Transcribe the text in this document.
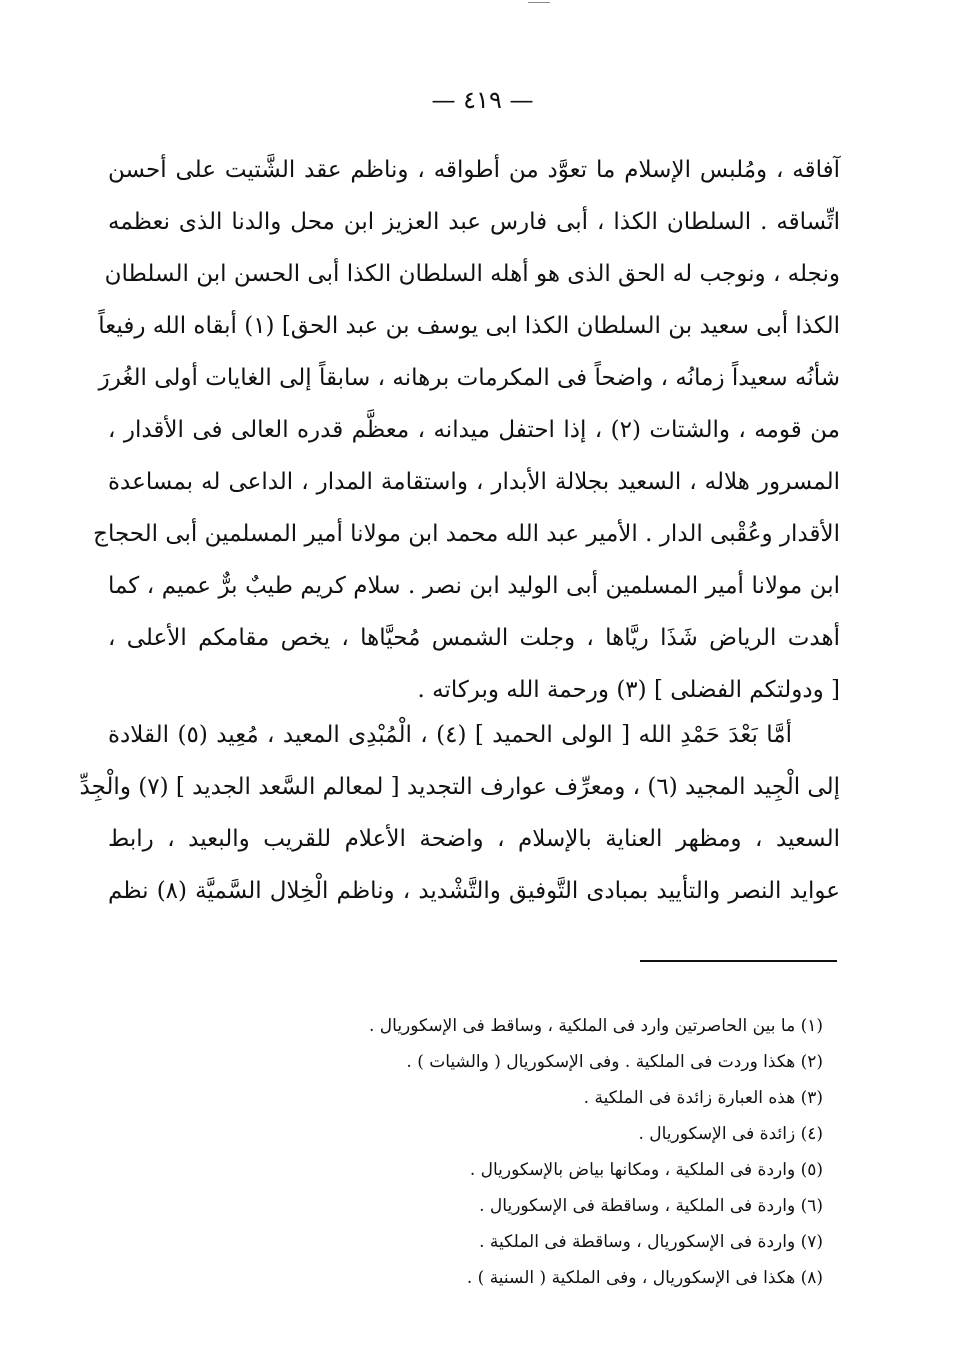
— ٤١٩ —
آفاقه ، ومُلبس الإسلام ما تعوَّد من أطواقه ، وناظم عقد الشَّتيت على أحسن
اتِّساقه . السلطان الكذا ، أبى فارس عبد العزيز ابن محل والدنا الذى نعظمه
ونجله ، ونوجب له الحق الذى هو أهله السلطان الكذا أبى الحسن ابن السلطان
الكذا أبى سعيد بن السلطان الكذا ابى يوسف بن عبد الحق] (١) أبقاه الله رفيعاً
شأنُه سعيداً زمانُه ، واضحاً فى المكرمات برهانه ، سابقاً إلى الغايات أولى الغُررَ
من قومه ، والشتات (٢) ، إذا احتفل ميدانه ، معظَّم قدره العالى فى الأقدار ،
المسرور هلاله ، السعيد بجلالة الأبدار ، واستقامة المدار ، الداعى له بمساعدة
الأقدار وعُقْبى الدار . الأمير عبد الله محمد ابن مولانا أمير المسلمين أبى الحجاج
ابن مولانا أمير المسلمين أبى الوليد ابن نصر . سلام كريم طيبٌ برٌّ عميم ، كما
أهدت الرياض شَذَا ريَّاها ، وجلت الشمس مُحيَّاها ، يخص مقامكم الأعلى ،
[ ودولتكم الفضلى ] (٣) ورحمة الله وبركاته .
أمَّا بَعْدَ حَمْدِ الله [ الولى الحميد ] (٤) ، الْمُبْدِى المعيد ، مُعِيد (٥) القلادة
إلى الْجِيد المجيد (٦) ، ومعرِّف عوارف التجديد [ لمعالم السَّعد الجديد ] (٧) والْجِدِّ
السعيد ، ومظهر العناية بالإسلام ، واضحة الأعلام للقريب والبعيد ، رابط
عوايد النصر والتأييد بمبادى التَّوفيق والتَّشْديد ، وناظم الْخِلال السَّميَّة (٨) نظم
(١) ما بين الحاصرتين وارد فى الملكية ، وساقط فى الإسكوريال .
(٢) هكذا وردت فى الملكية . وفى الإسكوريال ( والشيات ) .
(٣) هذه العبارة زائدة فى الملكية .
(٤) زائدة فى الإسكوريال .
(٥) واردة فى الملكية ، ومكانها بياض بالإسكوريال .
(٦) واردة فى الملكية ، وساقطة فى الإسكوريال .
(٧) واردة فى الإسكوريال ، وساقطة فى الملكية .
(٨) هكذا فى الإسكوريال ، وفى الملكية ( السنية ) .
